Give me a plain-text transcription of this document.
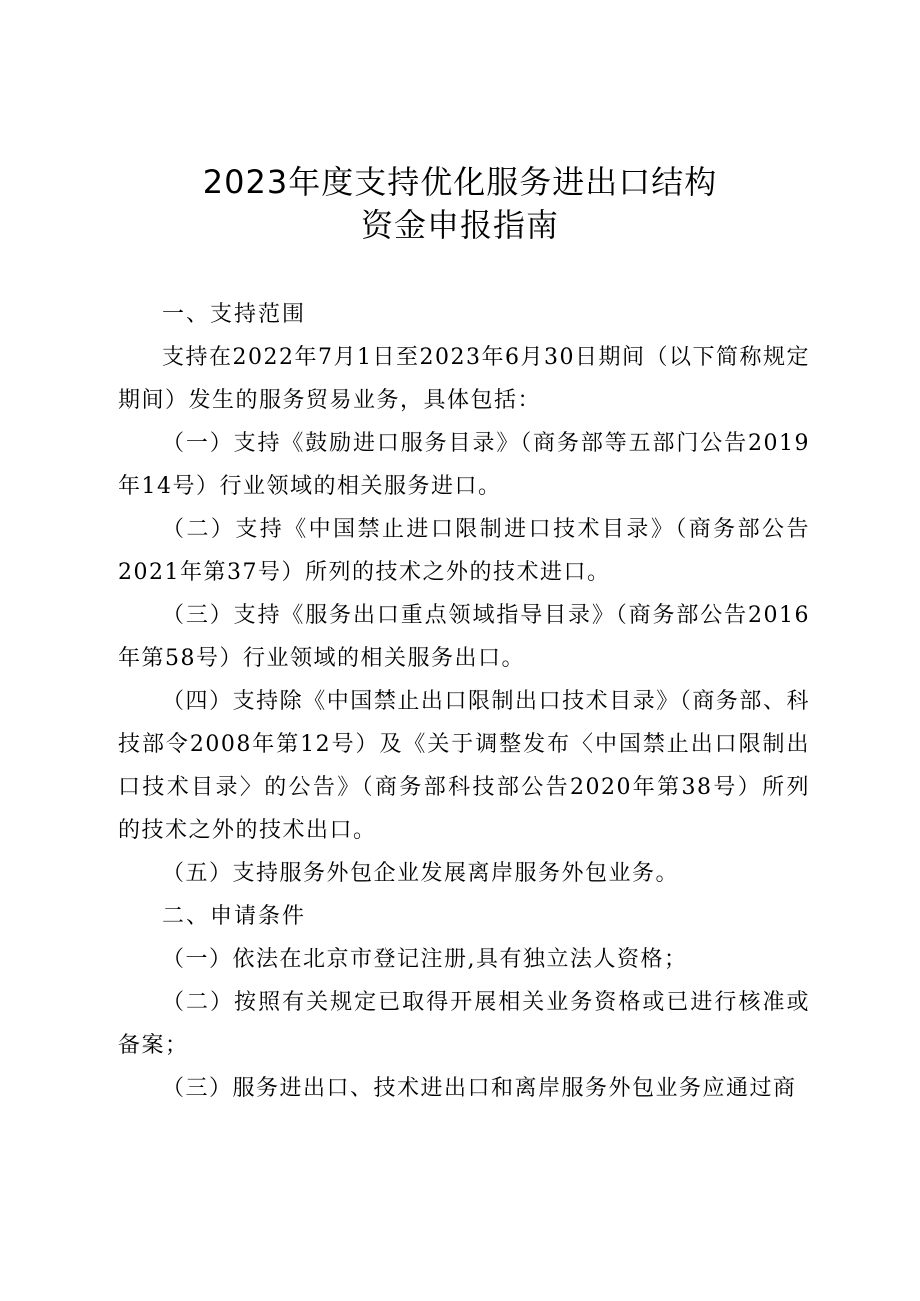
2023年度支持优化服务进出口结构
资金申报指南

一、支持范围

支持在2022年7月1日至2023年6月30日期间（以下简称规定期间）发生的服务贸易业务，具体包括：

（一）支持《鼓励进口服务目录》（商务部等五部门公告2019年14号）行业领域的相关服务进口。

（二）支持《中国禁止进口限制进口技术目录》（商务部公告2021年第37号）所列的技术之外的技术进口。

（三）支持《服务出口重点领域指导目录》（商务部公告2016年第58号）行业领域的相关服务出口。

（四）支持除《中国禁止出口限制出口技术目录》（商务部、科技部令2008年第12号）及《关于调整发布〈中国禁止出口限制出口技术目录〉的公告》（商务部科技部公告2020年第38号）所列的技术之外的技术出口。

（五）支持服务外包企业发展离岸服务外包业务。

二、申请条件

（一）依法在北京市登记注册,具有独立法人资格；

（二）按照有关规定已取得开展相关业务资格或已进行核准或备案；

（三）服务进出口、技术进出口和离岸服务外包业务应通过商
